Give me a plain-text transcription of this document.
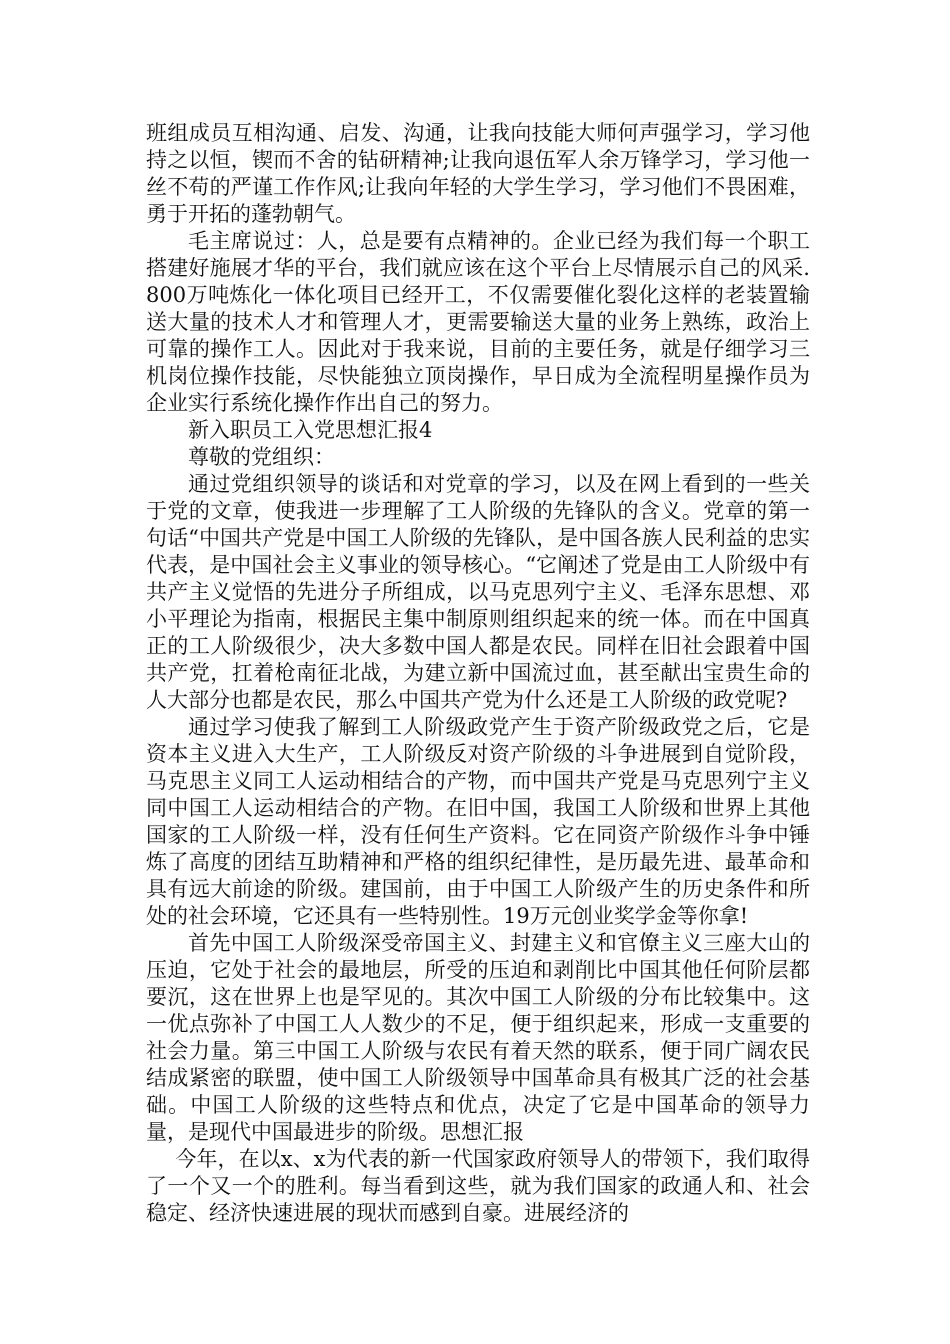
班组成员互相沟通、启发、沟通，让我向技能大师何声强学习，学习他持之以恒，锲而不舍的钻研精神;让我向退伍军人余万锋学习，学习他一丝不苟的严谨工作作风;让我向年轻的大学生学习，学习他们不畏困难，勇于开拓的蓬勃朝气。

毛主席说过：人，总是要有点精神的。企业已经为我们每一个职工搭建好施展才华的平台，我们就应该在这个平台上尽情展示自己的风采.800万吨炼化一体化项目已经开工，不仅需要催化裂化这样的老装置输送大量的技术人才和管理人才，更需要输送大量的业务上熟练，政治上可靠的操作工人。因此对于我来说，目前的主要任务，就是仔细学习三机岗位操作技能，尽快能独立顶岗操作，早日成为全流程明星操作员为企业实行系统化操作作出自己的努力。

新入职员工入党思想汇报4

尊敬的党组织：

通过党组织领导的谈话和对党章的学习，以及在网上看到的一些关于党的文章，使我进一步理解了工人阶级的先锋队的含义。党章的第一句话“中国共产党是中国工人阶级的先锋队，是中国各族人民利益的忠实代表，是中国社会主义事业的领导核心。“它阐述了党是由工人阶级中有共产主义觉悟的先进分子所组成，以马克思列宁主义、毛泽东思想、邓小平理论为指南，根据民主集中制原则组织起来的统一体。而在中国真正的工人阶级很少，决大多数中国人都是农民。同样在旧社会跟着中国共产党，扛着枪南征北战，为建立新中国流过血，甚至献出宝贵生命的人大部分也都是农民，那么中国共产党为什么还是工人阶级的政党呢?

通过学习使我了解到工人阶级政党产生于资产阶级政党之后，它是资本主义进入大生产，工人阶级反对资产阶级的斗争进展到自觉阶段，马克思主义同工人运动相结合的产物，而中国共产党是马克思列宁主义同中国工人运动相结合的产物。在旧中国，我国工人阶级和世界上其他国家的工人阶级一样，没有任何生产资料。它在同资产阶级作斗争中锤炼了高度的团结互助精神和严格的组织纪律性，是历最先进、最革命和具有远大前途的阶级。建国前，由于中国工人阶级产生的历史条件和所处的社会环境，它还具有一些特别性。19万元创业奖学金等你拿!

首先中国工人阶级深受帝国主义、封建主义和官僚主义三座大山的压迫，它处于社会的最地层，所受的压迫和剥削比中国其他任何阶层都要沉，这在世界上也是罕见的。其次中国工人阶级的分布比较集中。这一优点弥补了中国工人人数少的不足，便于组织起来，形成一支重要的社会力量。第三中国工人阶级与农民有着天然的联系，便于同广阔农民结成紧密的联盟，使中国工人阶级领导中国革命具有极其广泛的社会基础。中国工人阶级的这些特点和优点，决定了它是中国革命的领导力量，是现代中国最进步的阶级。思想汇报

今年，在以x、x为代表的新一代国家政府领导人的带领下，我们取得了一个又一个的胜利。每当看到这些，就为我们国家的政通人和、社会稳定、经济快速进展的现状而感到自豪。进展经济的
